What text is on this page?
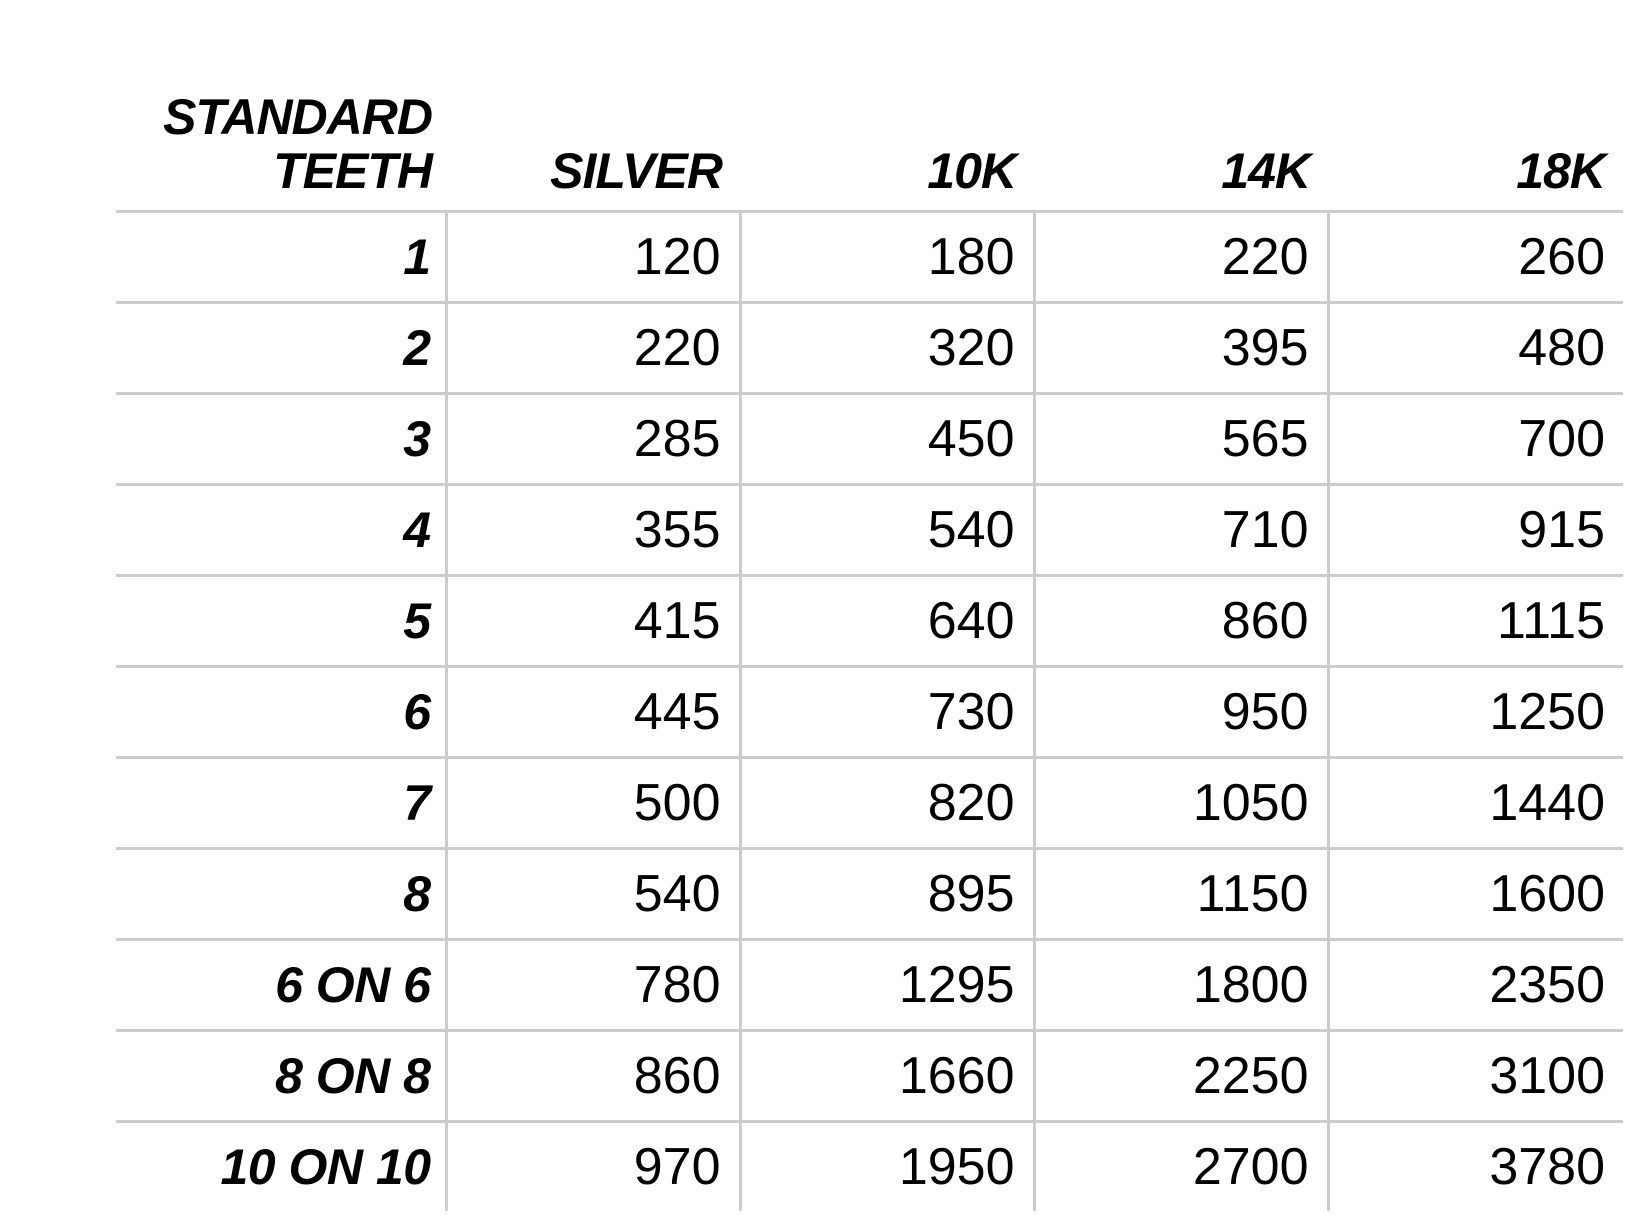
STANDARD
TEETH	SILVER	10K	14K	18K
1	120	180	220	260
2	220	320	395	480
3	285	450	565	700
4	355	540	710	915
5	415	640	860	1115
6	445	730	950	1250
7	500	820	1050	1440
8	540	895	1150	1600
6 ON 6	780	1295	1800	2350
8 ON 8	860	1660	2250	3100
10 ON 10	970	1950	2700	3780
